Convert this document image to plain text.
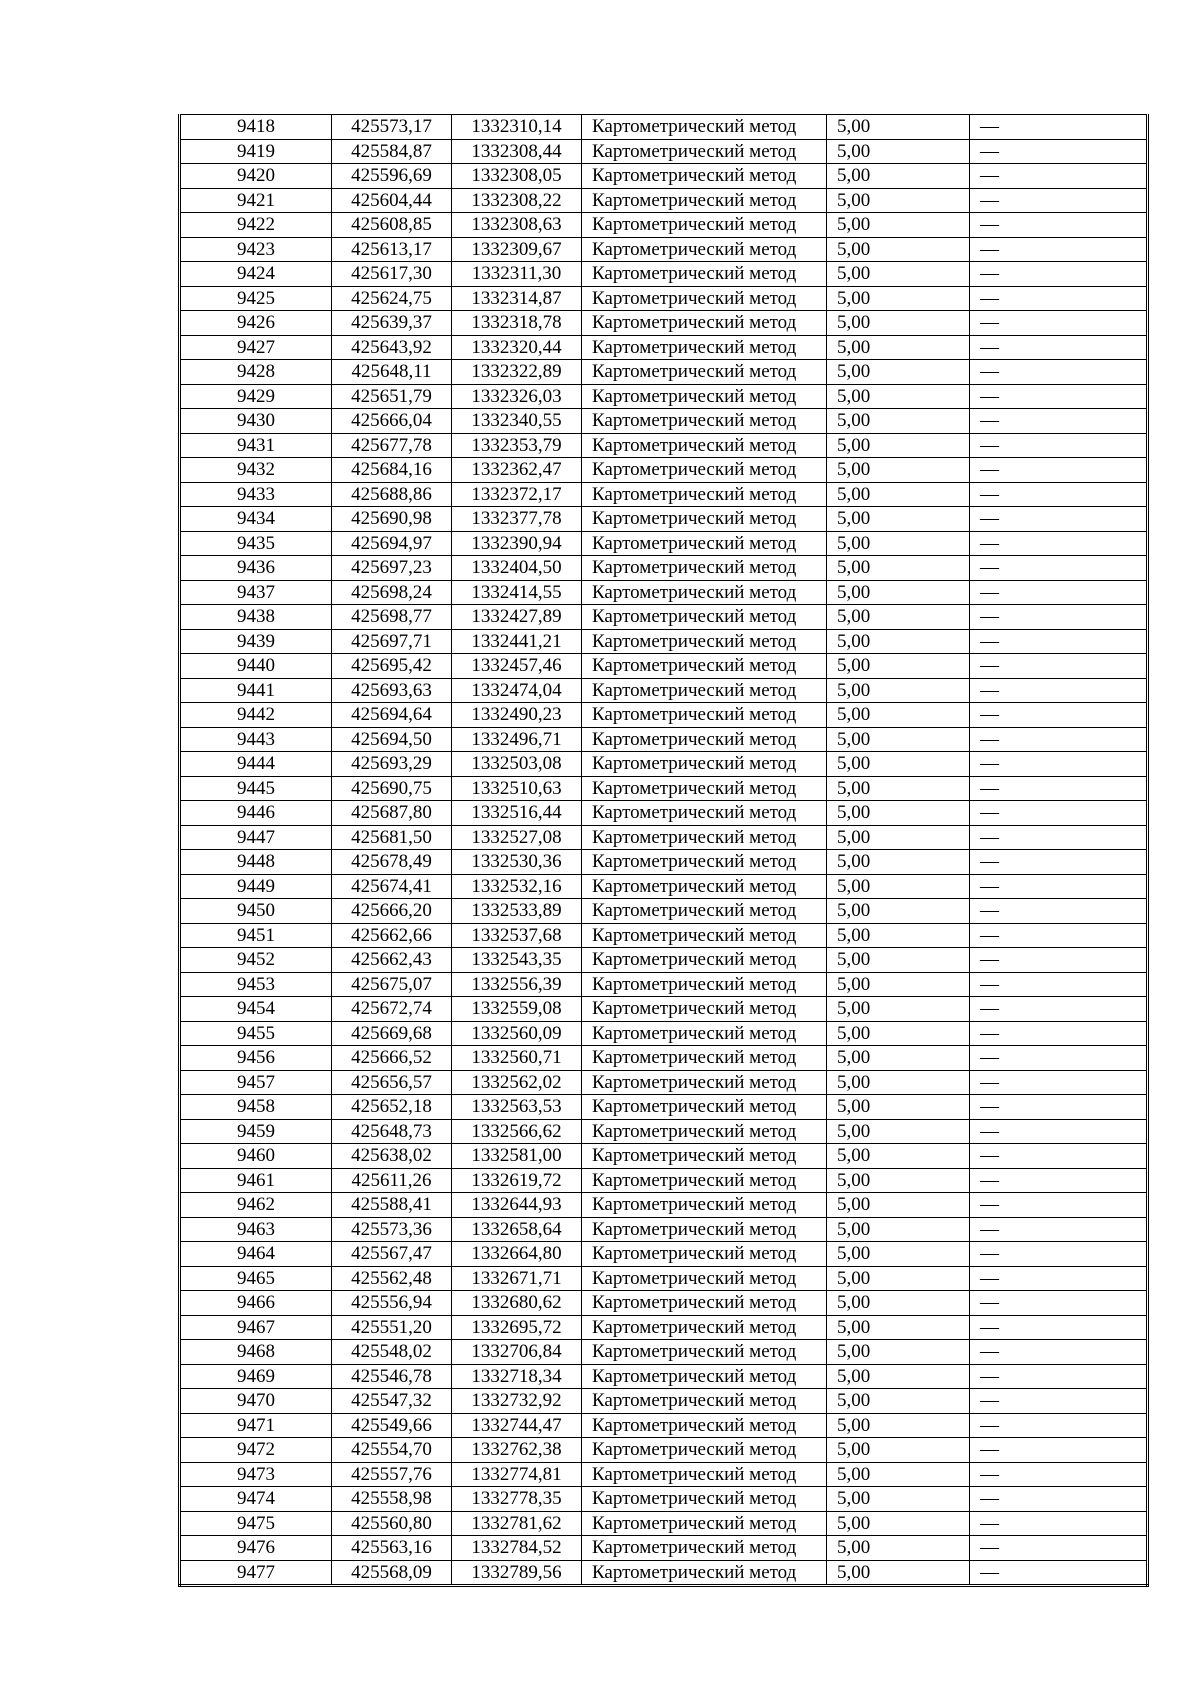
9418	425573,17	1332310,14	Картометрический метод	5,00	—
9419	425584,87	1332308,44	Картометрический метод	5,00	—
9420	425596,69	1332308,05	Картометрический метод	5,00	—
9421	425604,44	1332308,22	Картометрический метод	5,00	—
9422	425608,85	1332308,63	Картометрический метод	5,00	—
9423	425613,17	1332309,67	Картометрический метод	5,00	—
9424	425617,30	1332311,30	Картометрический метод	5,00	—
9425	425624,75	1332314,87	Картометрический метод	5,00	—
9426	425639,37	1332318,78	Картометрический метод	5,00	—
9427	425643,92	1332320,44	Картометрический метод	5,00	—
9428	425648,11	1332322,89	Картометрический метод	5,00	—
9429	425651,79	1332326,03	Картометрический метод	5,00	—
9430	425666,04	1332340,55	Картометрический метод	5,00	—
9431	425677,78	1332353,79	Картометрический метод	5,00	—
9432	425684,16	1332362,47	Картометрический метод	5,00	—
9433	425688,86	1332372,17	Картометрический метод	5,00	—
9434	425690,98	1332377,78	Картометрический метод	5,00	—
9435	425694,97	1332390,94	Картометрический метод	5,00	—
9436	425697,23	1332404,50	Картометрический метод	5,00	—
9437	425698,24	1332414,55	Картометрический метод	5,00	—
9438	425698,77	1332427,89	Картометрический метод	5,00	—
9439	425697,71	1332441,21	Картометрический метод	5,00	—
9440	425695,42	1332457,46	Картометрический метод	5,00	—
9441	425693,63	1332474,04	Картометрический метод	5,00	—
9442	425694,64	1332490,23	Картометрический метод	5,00	—
9443	425694,50	1332496,71	Картометрический метод	5,00	—
9444	425693,29	1332503,08	Картометрический метод	5,00	—
9445	425690,75	1332510,63	Картометрический метод	5,00	—
9446	425687,80	1332516,44	Картометрический метод	5,00	—
9447	425681,50	1332527,08	Картометрический метод	5,00	—
9448	425678,49	1332530,36	Картометрический метод	5,00	—
9449	425674,41	1332532,16	Картометрический метод	5,00	—
9450	425666,20	1332533,89	Картометрический метод	5,00	—
9451	425662,66	1332537,68	Картометрический метод	5,00	—
9452	425662,43	1332543,35	Картометрический метод	5,00	—
9453	425675,07	1332556,39	Картометрический метод	5,00	—
9454	425672,74	1332559,08	Картометрический метод	5,00	—
9455	425669,68	1332560,09	Картометрический метод	5,00	—
9456	425666,52	1332560,71	Картометрический метод	5,00	—
9457	425656,57	1332562,02	Картометрический метод	5,00	—
9458	425652,18	1332563,53	Картометрический метод	5,00	—
9459	425648,73	1332566,62	Картометрический метод	5,00	—
9460	425638,02	1332581,00	Картометрический метод	5,00	—
9461	425611,26	1332619,72	Картометрический метод	5,00	—
9462	425588,41	1332644,93	Картометрический метод	5,00	—
9463	425573,36	1332658,64	Картометрический метод	5,00	—
9464	425567,47	1332664,80	Картометрический метод	5,00	—
9465	425562,48	1332671,71	Картометрический метод	5,00	—
9466	425556,94	1332680,62	Картометрический метод	5,00	—
9467	425551,20	1332695,72	Картометрический метод	5,00	—
9468	425548,02	1332706,84	Картометрический метод	5,00	—
9469	425546,78	1332718,34	Картометрический метод	5,00	—
9470	425547,32	1332732,92	Картометрический метод	5,00	—
9471	425549,66	1332744,47	Картометрический метод	5,00	—
9472	425554,70	1332762,38	Картометрический метод	5,00	—
9473	425557,76	1332774,81	Картометрический метод	5,00	—
9474	425558,98	1332778,35	Картометрический метод	5,00	—
9475	425560,80	1332781,62	Картометрический метод	5,00	—
9476	425563,16	1332784,52	Картометрический метод	5,00	—
9477	425568,09	1332789,56	Картометрический метод	5,00	—
